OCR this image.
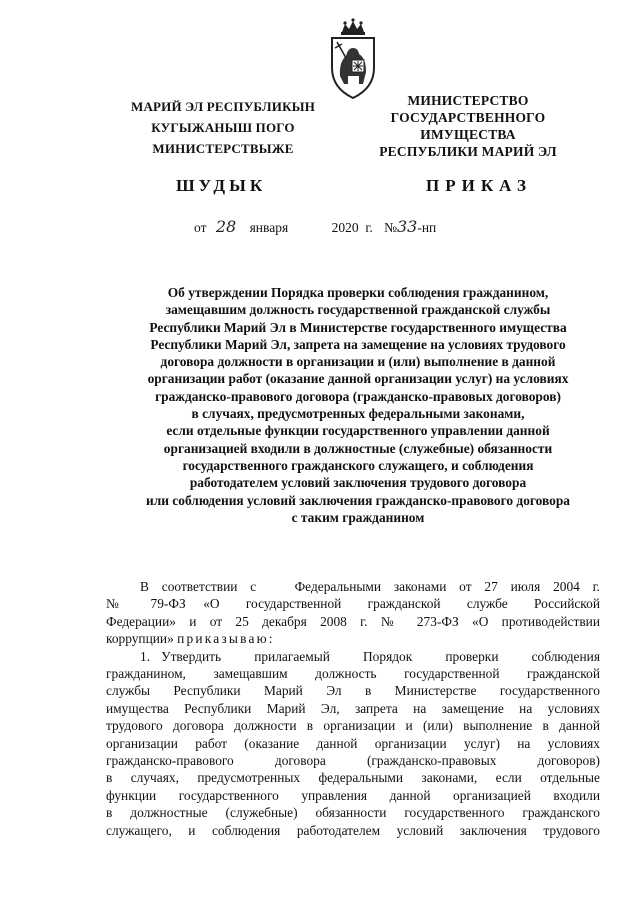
МАРИЙ ЭЛ РЕСПУБЛИКЫН
КУГЫЖАНЫШ ПОГО
МИНИСТЕРСТВЫЖЕ
МИНИСТЕРСТВО
ГОСУДАРСТВЕННОГО
ИМУЩЕСТВА
РЕСПУБЛИКИ МАРИЙ ЭЛ
ШУДЫК	ПРИКАЗ
от 28 января	2020  г. №33-нп
Об утверждении Порядка проверки соблюдения гражданином,
замещавшим должность государственной гражданской службы
Республики Марий Эл в Министерстве государственного имущества
Республики Марий Эл, запрета на замещение на условиях трудового
договора должности в организации и (или) выполнение в данной
организации работ (оказание данной организации услуг) на условиях
гражданско-правового договора (гражданско-правовых договоров)
в случаях, предусмотренных федеральными законами,
если отдельные функции государственного управлении данной
организацией входили в должностные (служебные) обязанности
государственного гражданского служащего, и соблюдения
работодателем условий заключения трудового договора
или соблюдения условий заключения гражданско-правового договора
с таким гражданином
В соответствии с   Федеральными законами от 27 июля 2004 г.
№   79-ФЗ  «О   государственной   гражданской   службе   Российской
Федерации» и от 25 декабря 2008 г. № 273-ФЗ «О противодействии
коррупции» приказываю:
1. Утвердить   прилагаемый   Порядок   проверки   соблюдения
гражданином,  замещавшим  должность  государственной  гражданской
службы  Республики  Марий  Эл  в  Министерстве  государственного
имущества Республики Марий Эл, запрета на замещение на условиях
трудового договора должности в организации и (или) выполнение в данной
организации работ (оказание данной организации услуг) на условиях
гражданско-правового    договора    (гражданско-правовых    договоров)
в случаях, предусмотренных федеральными законами, если отдельные
функции государственного управления данной организацией входили
в должностные (служебные) обязанности государственного гражданского
служащего, и соблюдения работодателем условий заключения трудового
